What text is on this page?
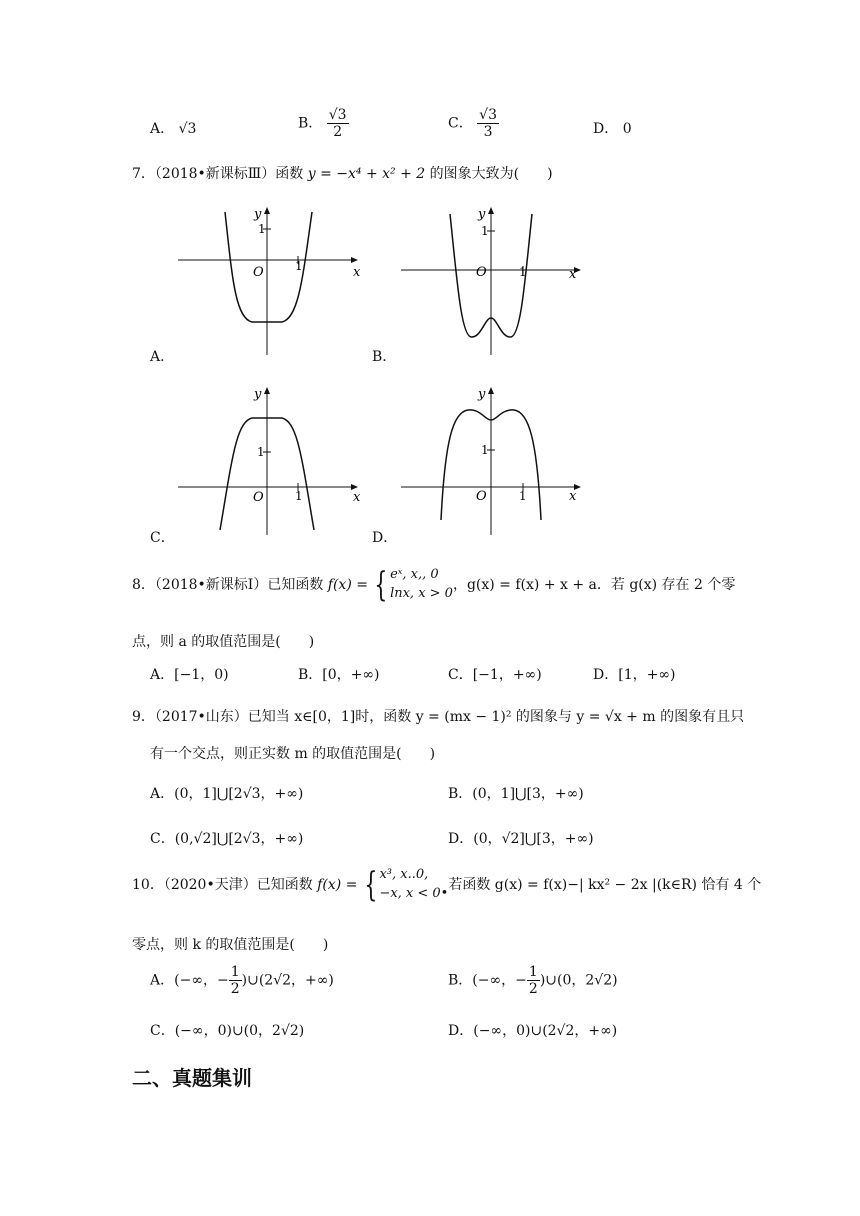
A． √3	B． $\frac{√3}{2}$	C． $\frac{√3}{3}$	D． 0
7．（2018•新课标Ⅲ）函数 y = −x⁴ + x² + 2 的图象大致为(　　)
y
1
O	1	x
y
1
O	1	x
y
1
O	1	x
y
1
O	1	x
A．	B．
C．	D．
8．（2018•新课标Ⅰ）已知函数 f(x) = { eˣ, x,, 0
lnx, x > 0
，g(x) = f(x) + x + a．若 g(x) 存在 2 个零
点，则 a 的取值范围是(　　)
A．[−1，0)	B．[0，+∞)	C．[−1，+∞)	D．[1，+∞)
9．（2017•山东）已知当 x∈[0，1]时，函数 y = (mx − 1)² 的图象与 y = √x + m 的图象有且只
有一个交点，则正实数 m 的取值范围是(　　)
A．(0，1]⋃[2√3，+∞)	B．(0，1]⋃[3，+∞)
C．(0,√2]⋃[2√3，+∞)	D．(0，√2]⋃[3，+∞)
10．（2020•天津）已知函数 f(x) = { x³, x..0,
−x, x < 0•
若函数 g(x) = f(x)−| kx² − 2x |(k∈R) 恰有 4 个
零点，则 k 的取值范围是(　　)
A．(−∞，− $\frac{1}{2}$ )∪(2√2，+∞)	B．(−∞，− $\frac{1}{2}$ )∪(0，2√2)
C．(−∞，0)∪(0，2√2)	D．(−∞，0)∪(2√2，+∞)
二、真题集训
